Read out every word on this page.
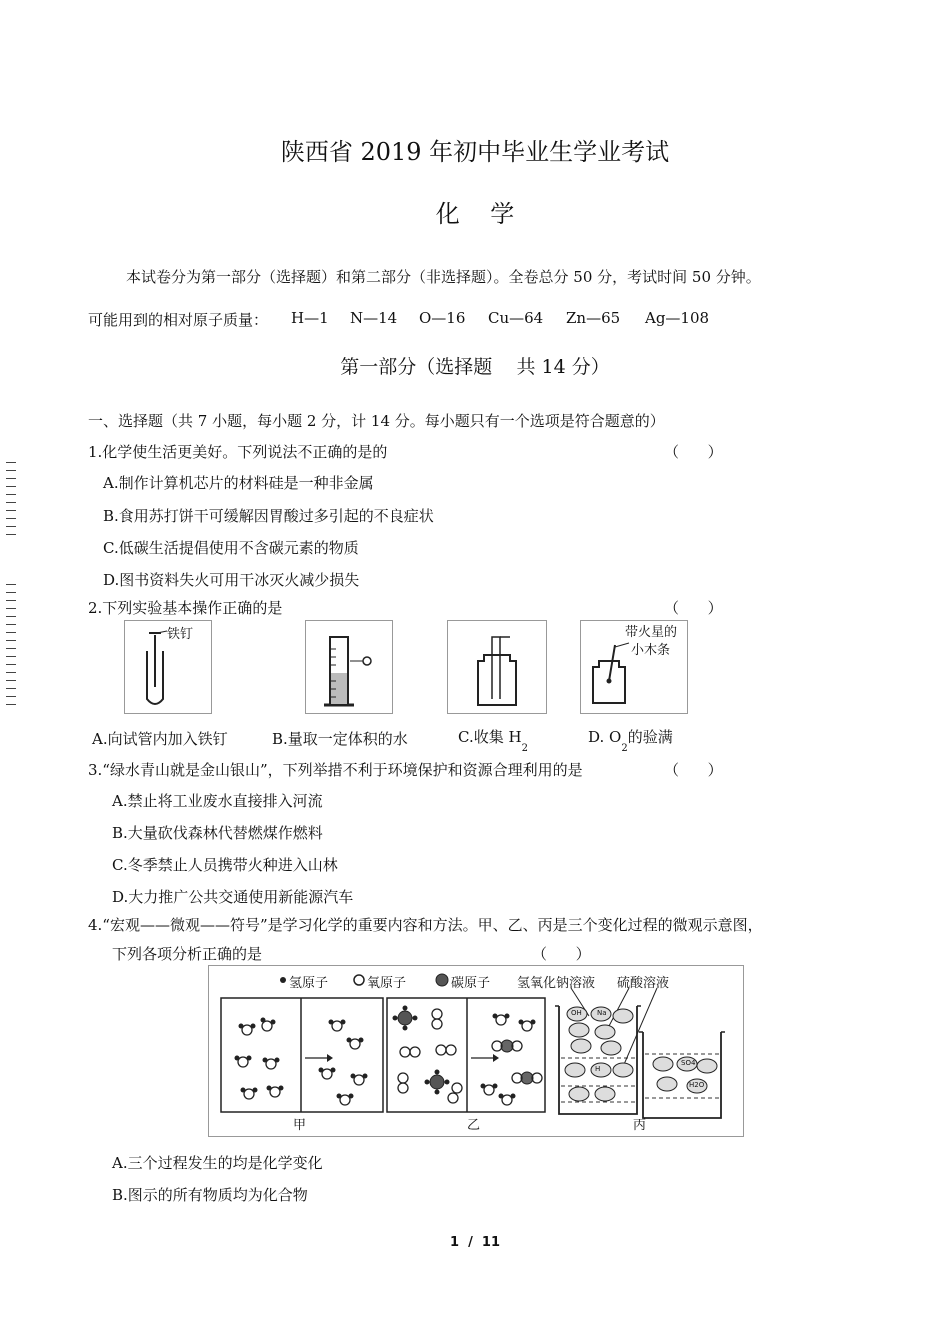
陕西省 2019 年初中毕业生学业考试
化    学
本试卷分为第一部分（选择题）和第二部分（非选择题）。全卷总分 50 分，考试时间 50 分钟。
可能用到的相对原子质量： H—1 N—14 O—16 Cu—64 Zn—65 Ag—108
第一部分（选择题    共 14 分）
一、选择题（共 7 小题，每小题 2 分，计 14 分。每小题只有一个选项是符合题意的）
1.化学使生活更美好。下列说法不正确的是的	（      ）
A.制作计算机芯片的材料硅是一种非金属
B.食用苏打饼干可缓解因胃酸过多引起的不良症状
C.低碳生活提倡使用不含碳元素的物质
D.图书资料失火可用干冰灭火减少损失
2.下列实验基本操作正确的是	（      ）
铁钉	带火星的
小木条
A.向试管内加入铁钉	B.量取一定体积的水	C.收集 $H_2$
D. $O_2$的验满
3.“绿水青山就是金山银山”，下列举措不利于环境保护和资源合理利用的是	（      ）
A.禁止将工业废水直接排入河流
B.大量砍伐森林代替燃煤作燃料
C.冬季禁止人员携带火种进入山林
D.大力推广公共交通使用新能源汽车
4.“宏观——微观——符号”是学习化学的重要内容和方法。甲、乙、丙是三个变化过程的微观示意图，
下列各项分析正确的是	（      ）
OH Na
H
SO4
H2O
氢原子	氧原子	碳原子 氢氧化钠溶液 硫酸溶液
甲	乙	丙
A.三个过程发生的均是化学变化
B.图示的所有物质均为化合物
1  /  11
